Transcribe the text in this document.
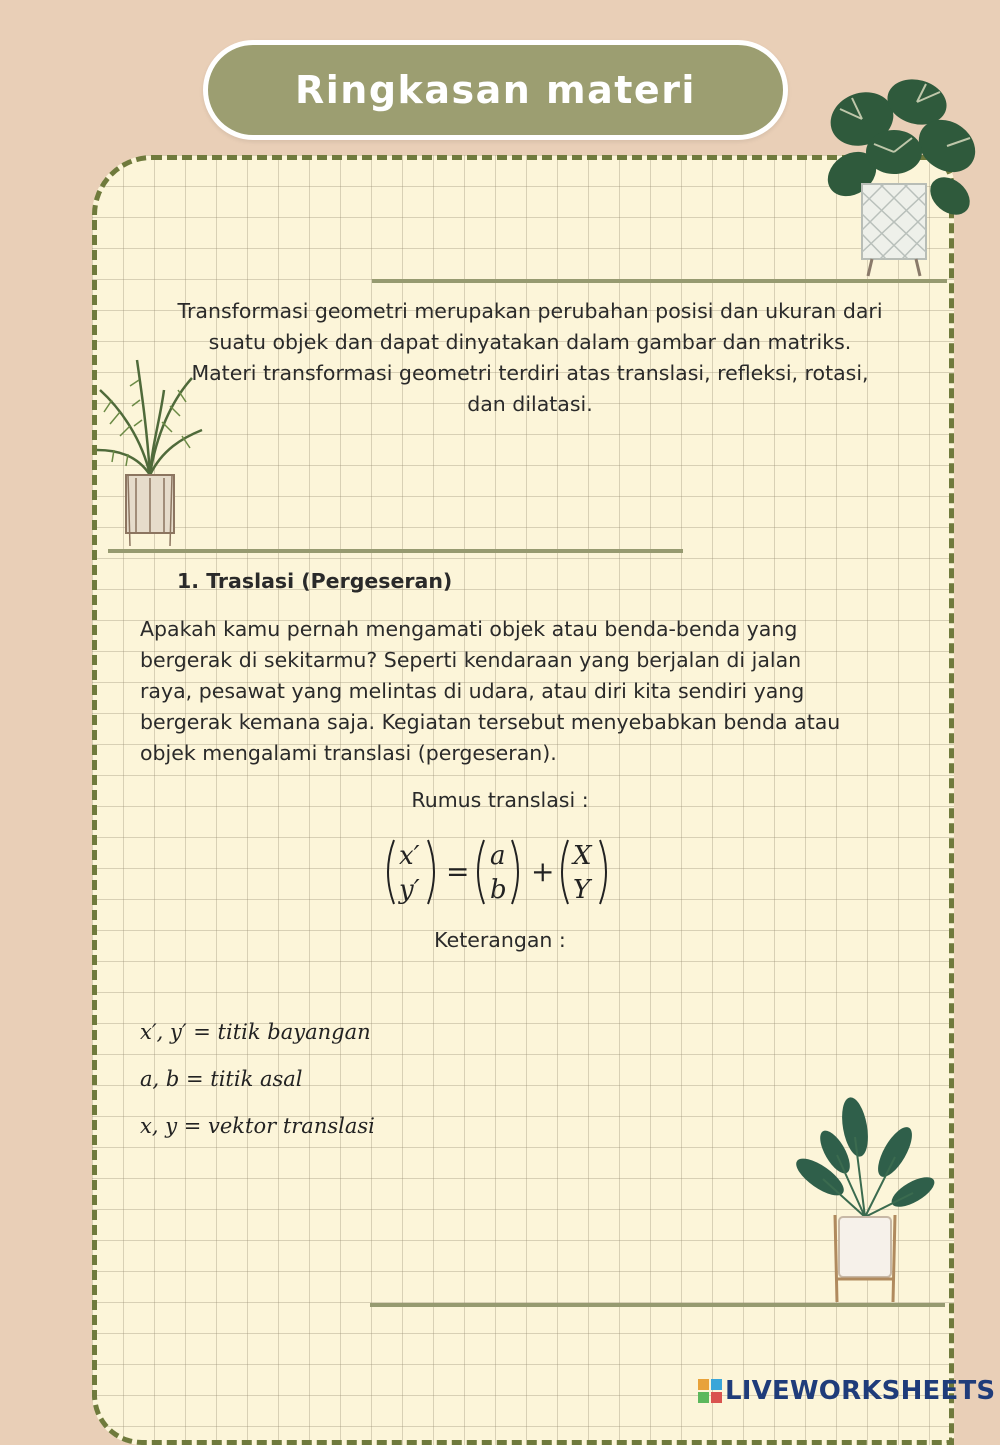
Ringkasan materi

Transformasi geometri merupakan perubahan posisi dan ukuran dari

suatu objek dan dapat dinyatakan dalam gambar dan matriks.

Materi transformasi geometri terdiri atas translasi, refleksi, rotasi,

dan dilatasi.

1. Traslasi (Pergeseran)

Apakah kamu pernah mengamati objek atau benda-benda yang

bergerak di sekitarmu? Seperti kendaraan yang berjalan di jalan

raya, pesawat yang melintas di udara, atau diri kita sendiri yang

bergerak kemana saja. Kegiatan tersebut menyebabkan benda atau

objek mengalami translasi (pergeseran).

Rumus translasi :
x′
y′
= a
b
+ X
Y
Keterangan :
x′, y′ = titik bayangan
a, b = titik asal
x, y = vektor translasi
LIVEWORKSHEETS
